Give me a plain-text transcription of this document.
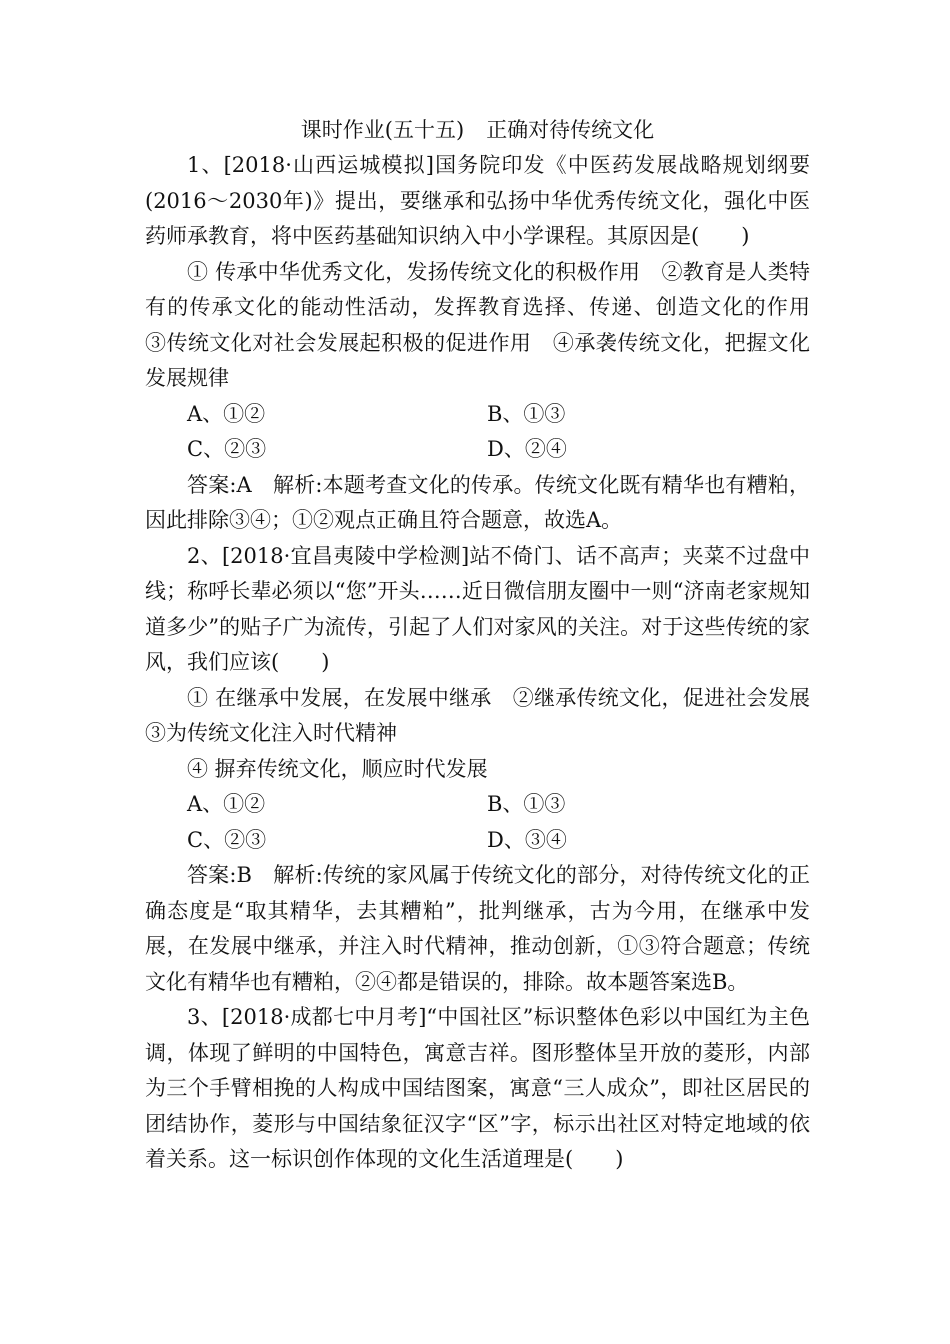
课时作业(五十五) 正确对待传统文化

1、[2018·山西运城模拟]国务院印发《中医药发展战略规划纲要(2016～2030年)》提出，要继承和弘扬中华优秀传统文化，强化中医药师承教育，将中医药基础知识纳入中小学课程。其原因是(　　)

① 传承中华优秀文化，发扬传统文化的积极作用　②教育是人类特有的传承文化的能动性活动，发挥教育选择、传递、创造文化的作用　③传统文化对社会发展起积极的促进作用　④承袭传统文化，把握文化发展规律

A、①②	B、①③
C、②③	D、②④

答案:A　解析:本题考查文化的传承。传统文化既有精华也有糟粕，因此排除③④；①②观点正确且符合题意，故选A。

2、[2018·宜昌夷陵中学检测]站不倚门、话不高声；夹菜不过盘中线；称呼长辈必须以“您”开头……近日微信朋友圈中一则“济南老家规知道多少”的贴子广为流传，引起了人们对家风的关注。对于这些传统的家风，我们应该(　　)

① 在继承中发展，在发展中继承　②继承传统文化，促进社会发展　③为传统文化注入时代精神

④ 摒弃传统文化，顺应时代发展

A、①②	B、①③
C、②③	D、③④

答案:B　解析:传统的家风属于传统文化的部分，对待传统文化的正确态度是“取其精华，去其糟粕”，批判继承，古为今用，在继承中发展，在发展中继承，并注入时代精神，推动创新，①③符合题意；传统文化有精华也有糟粕，②④都是错误的，排除。故本题答案选B。

3、[2018·成都七中月考]“中国社区”标识整体色彩以中国红为主色调，体现了鲜明的中国特色，寓意吉祥。图形整体呈开放的菱形，内部为三个手臂相挽的人构成中国结图案，寓意“三人成众”，即社区居民的团结协作，菱形与中国结象征汉字“区”字，标示出社区对特定地域的依着关系。这一标识创作体现的文化生活道理是(　　)
